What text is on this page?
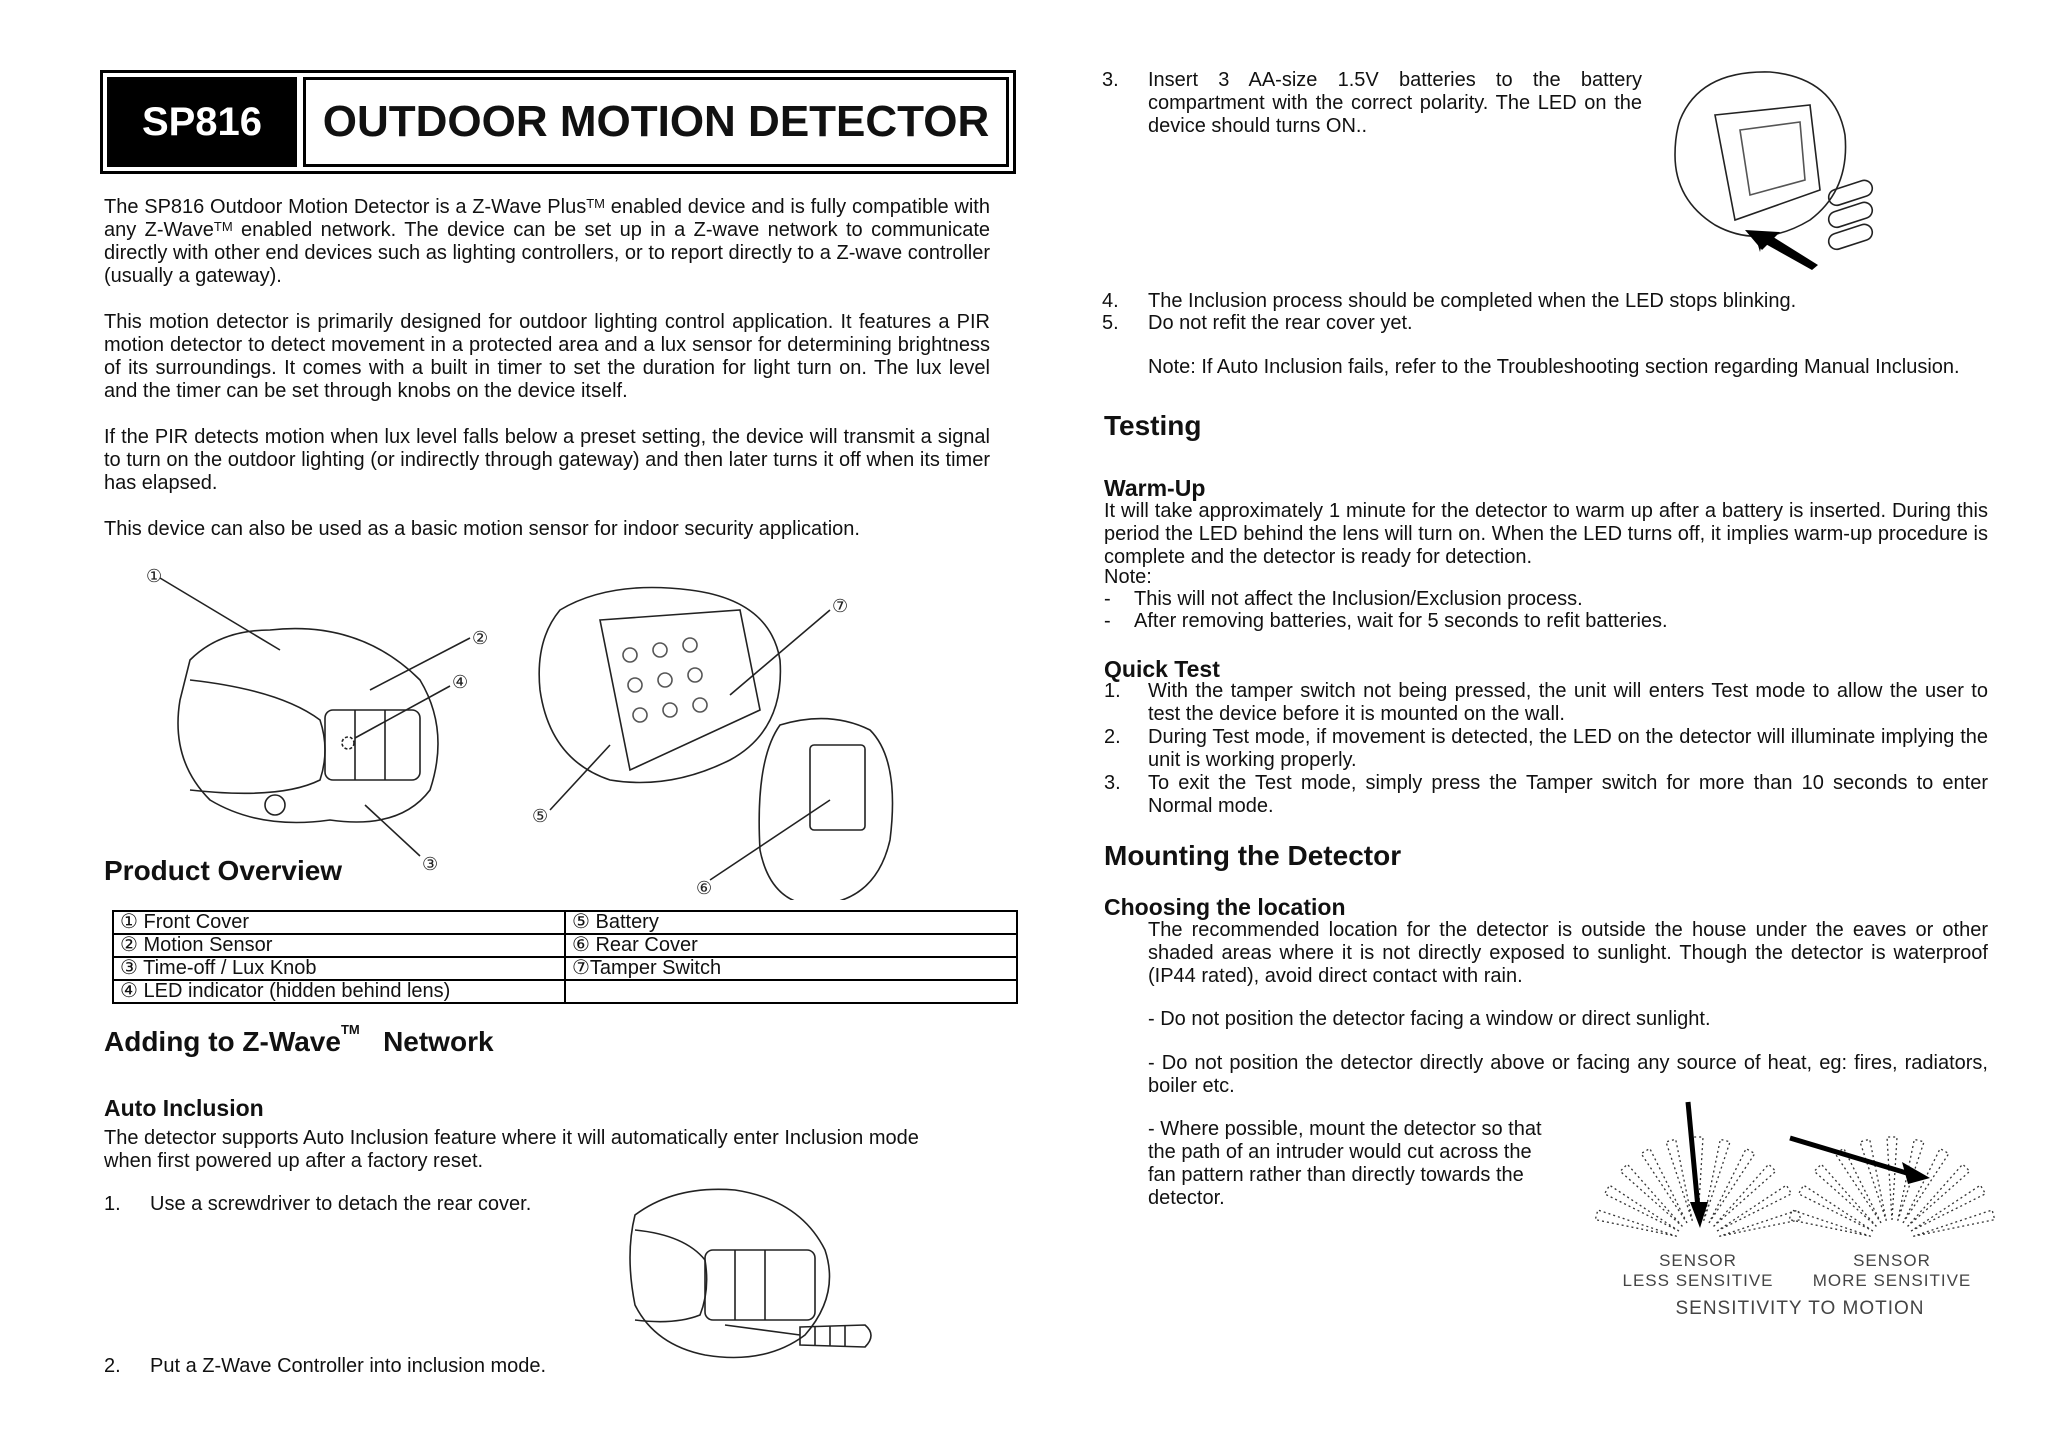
SP816	OUTDOOR MOTION DETECTOR

The SP816 Outdoor Motion Detector is a Z-Wave Plus™ enabled device and is fully compatible with any Z-Wave™ enabled network. The device can be set up in a Z-wave network to communicate directly with other end devices such as lighting controllers, or to report directly to a Z-wave controller (usually a gateway).

This motion detector is primarily designed for outdoor lighting control application. It features a PIR motion detector to detect movement in a protected area and a lux sensor for determining brightness of its surroundings. It comes with a built in timer to set the duration for light turn on. The lux level and the timer can be set through knobs on the device itself.

If the PIR detects motion when lux level falls below a preset setting, the device will transmit a signal to turn on the outdoor lighting (or indirectly through gateway) and then later turns it off when its timer has elapsed.

This device can also be used as a basic motion sensor for indoor security application.

①
②
④
③
⑦
⑤
⑥
Product Overview
① Front Cover	⑤ Battery
② Motion Sensor	⑥ Rear Cover
③ Time-off / Lux Knob	⑦Tamper Switch
④ LED indicator (hidden behind lens)	
Adding to Z-Wave™ Network
Auto Inclusion

The detector supports Auto Inclusion feature where it will automatically enter Inclusion mode when first powered up after a factory reset.

1.	Use a screwdriver to detach the rear cover.
2.	Put a Z-Wave Controller into inclusion mode.
3.	Insert 3 AA-size 1.5V batteries to the battery compartment with the correct polarity. The LED on the device should turns ON..
4.	The Inclusion process should be completed when the LED stops blinking.
5.	Do not refit the rear cover yet.

Note: If Auto Inclusion fails, refer to the Troubleshooting section regarding Manual Inclusion.

Testing
Warm-Up

It will take approximately 1 minute for the detector to warm up after a battery is inserted. During this period the LED behind the lens will turn on. When the LED turns off, it implies warm-up procedure is complete and the detector is ready for detection.

Note:

-	This will not affect the Inclusion/Exclusion process.
-	After removing batteries, wait for 5 seconds to refit batteries.
Quick Test
1.	With the tamper switch not being pressed, the unit will enters Test mode to allow the user to test the device before it is mounted on the wall.
2.	During Test mode, if movement is detected, the LED on the detector will illuminate implying the unit is working properly.
3.	To exit the Test mode, simply press the Tamper switch for more than 10 seconds to enter Normal mode.
Mounting the Detector
Choosing the location

The recommended location for the detector is outside the house under the eaves or other shaded areas where it is not directly exposed to sunlight. Though the detector is waterproof (IP44 rated), avoid direct contact with rain.

- Do not position the detector facing a window or direct sunlight.

- Do not position the detector directly above or facing any source of heat, eg: fires, radiators, boiler etc.

- Where possible, mount the detector so that the path of an intruder would cut across the fan pattern rather than directly towards the detector.

SENSOR
LESS SENSITIVE
SENSOR
MORE SENSITIVE
SENSITIVITY TO MOTION
